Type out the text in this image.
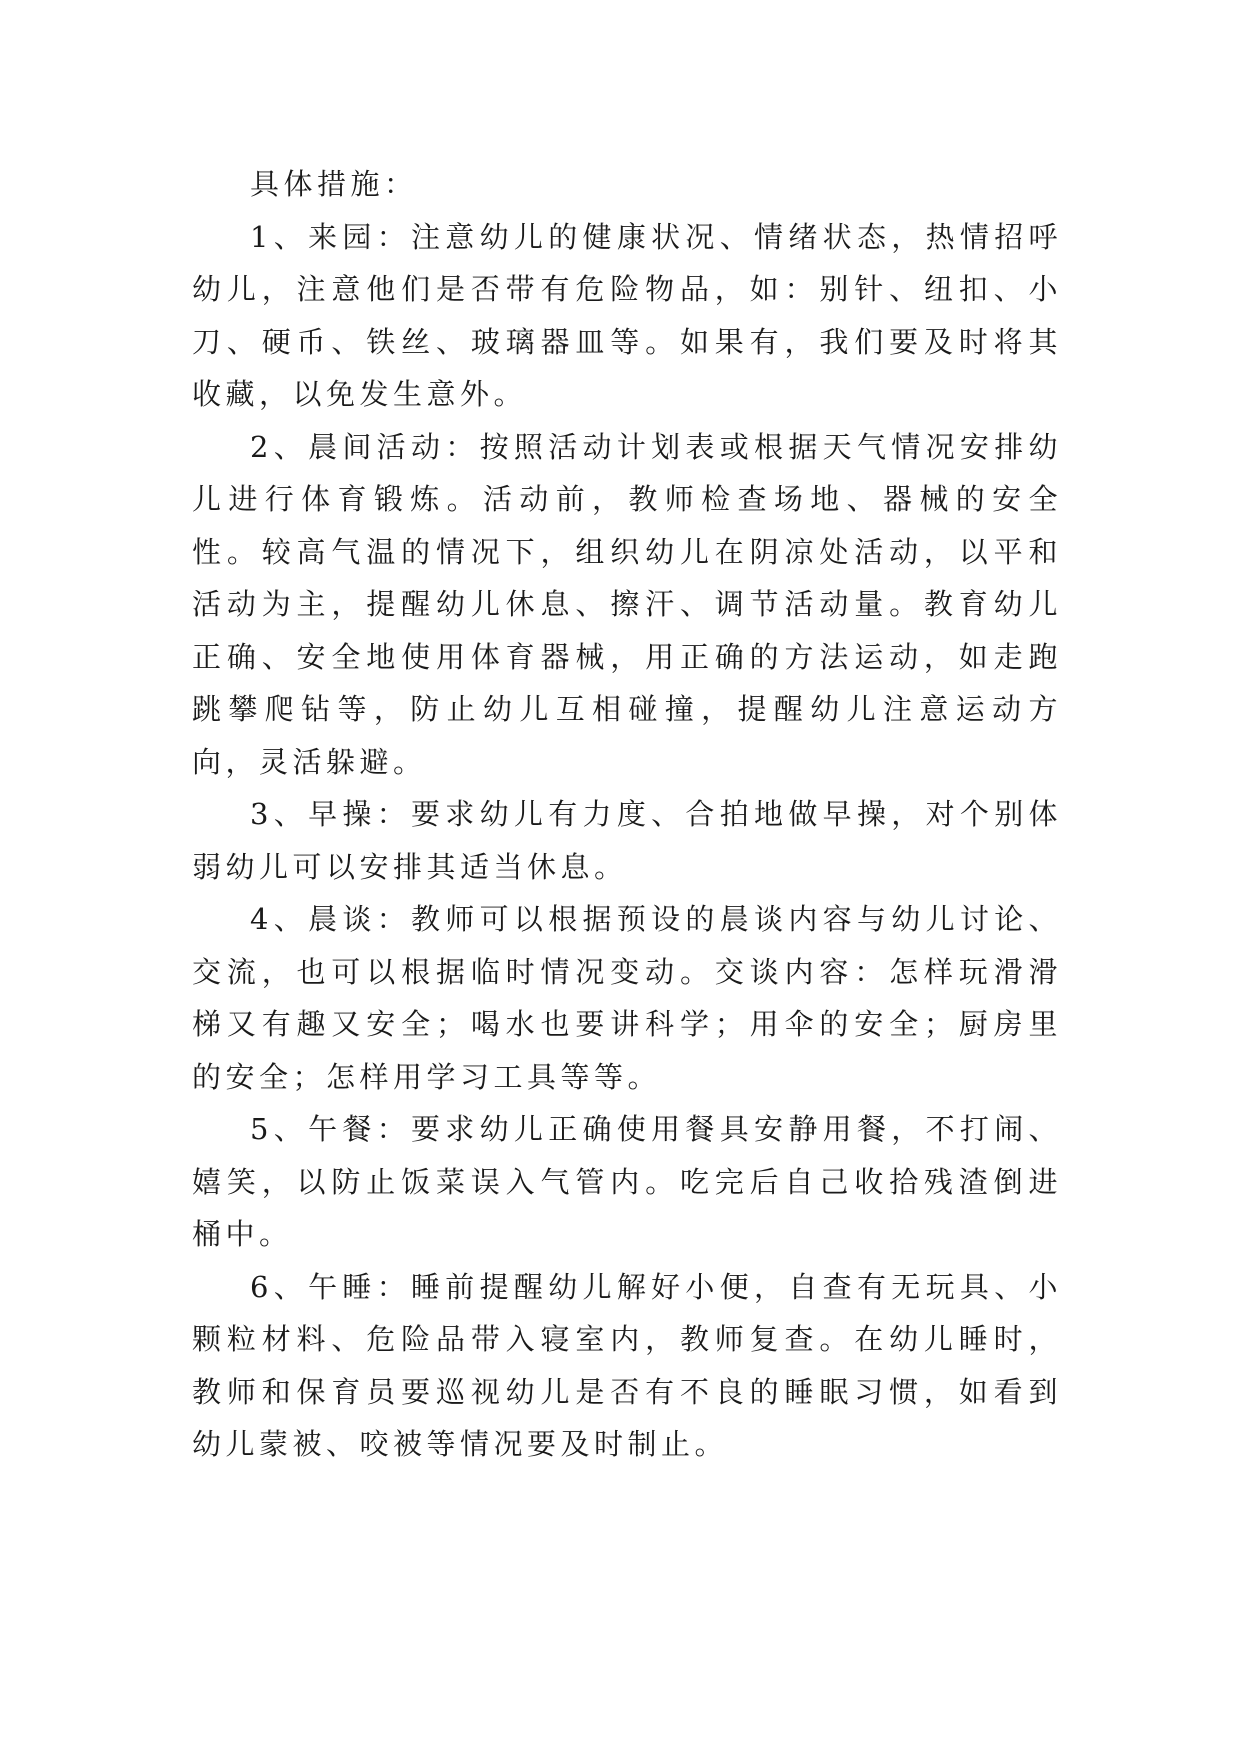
具体措施：

1、来园：注意幼儿的健康状况、情绪状态，热情招呼幼儿，注意他们是否带有危险物品，如：别针、纽扣、小刀、硬币、铁丝、玻璃器皿等。如果有，我们要及时将其收藏，以免发生意外。

2、晨间活动：按照活动计划表或根据天气情况安排幼儿进行体育锻炼。活动前，教师检查场地、器械的安全性。较高气温的情况下，组织幼儿在阴凉处活动，以平和活动为主，提醒幼儿休息、擦汗、调节活动量。教育幼儿正确、安全地使用体育器械，用正确的方法运动，如走跑跳攀爬钻等，防止幼儿互相碰撞，提醒幼儿注意运动方向，灵活躲避。

3、早操：要求幼儿有力度、合拍地做早操，对个别体弱幼儿可以安排其适当休息。

4、晨谈：教师可以根据预设的晨谈内容与幼儿讨论、交流，也可以根据临时情况变动。交谈内容：怎样玩滑滑梯又有趣又安全；喝水也要讲科学；用伞的安全；厨房里的安全；怎样用学习工具等等。

5、午餐：要求幼儿正确使用餐具安静用餐，不打闹、嬉笑，以防止饭菜误入气管内。吃完后自己收拾残渣倒进桶中。

6、午睡：睡前提醒幼儿解好小便，自查有无玩具、小颗粒材料、危险品带入寝室内，教师复查。在幼儿睡时，教师和保育员要巡视幼儿是否有不良的睡眠习惯，如看到幼儿蒙被、咬被等情况要及时制止。
